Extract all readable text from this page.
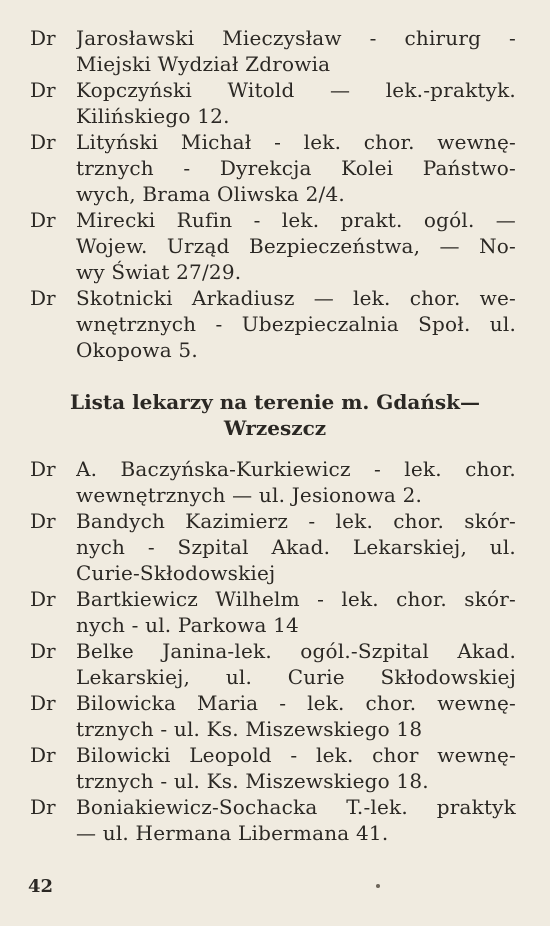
Dr Jarosławski Mieczysław - chirurg -
Miejski Wydział Zdrowia
Dr Kopczyński Witold — lek.-praktyk.
Kilińskiego 12.
Dr Lityński Michał - lek. chor. wewnę-
trznych - Dyrekcja Kolei Państwo-
wych, Brama Oliwska 2/4.
Dr Mirecki Rufin - lek. prakt. ogól. —
Wojew. Urząd Bezpieczeństwa, — No-
wy Świat 27/29.
Dr Skotnicki Arkadiusz — lek. chor. we-
wnętrznych - Ubezpieczalnia Społ. ul.
Okopowa 5.
Lista lekarzy na terenie m. Gdańsk—
Wrzeszcz
Dr A. Baczyńska-Kurkiewicz - lek. chor.
wewnętrznych — ul. Jesionowa 2.
Dr Bandych Kazimierz - lek. chor. skór-
nych - Szpital Akad. Lekarskiej, ul.
Curie-Skłodowskiej
Dr Bartkiewicz Wilhelm - lek. chor. skór-
nych - ul. Parkowa 14
Dr Belke Janina-lek. ogól.-Szpital Akad.
Lekarskiej, ul. Curie Skłodowskiej
Dr Bilowicka Maria - lek. chor. wewnę-
trznych - ul. Ks. Miszewskiego 18
Dr Bilowicki Leopold - lek. chor wewnę-
trznych - ul. Ks. Miszewskiego 18.
Dr Boniakiewicz-Sochacka T.-lek. praktyk
— ul. Hermana Libermana 41.
42
